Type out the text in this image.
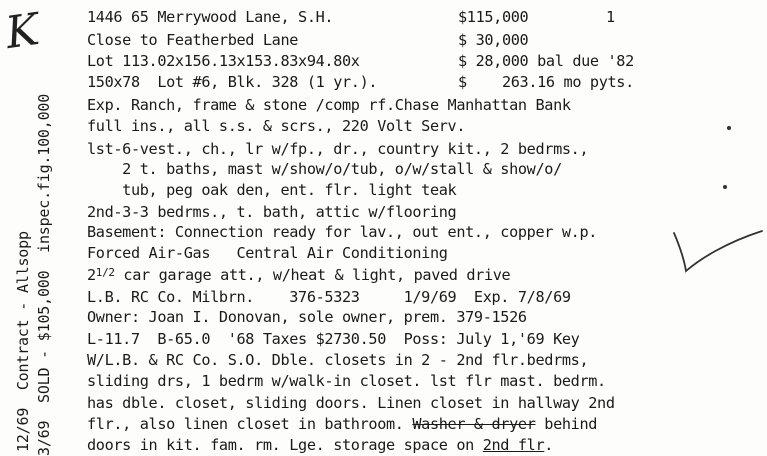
K
12/69  Contract - Allsopp 3/69  SOLD - $105,000  inspec.fig.100,000
1446 65 Merrywood Lane, S.H.	$115,000	1
Close to Featherbed Lane	$ 30,000
Lot 113.02x156.13x153.83x94.80x	$ 28,000 bal due '82
150x78  Lot #6, Blk. 328 (1 yr.).	$    263.16 mo pyts.
Exp. Ranch, frame & stone /comp rf.Chase Manhattan Bank
full ins., all s.s. & scrs., 220 Volt Serv.
lst-6-vest., ch., lr w/fp., dr., country kit., 2 bedrms.,
2 t. baths, mast w/show/o/tub, o/w/stall & show/o/
tub, peg oak den, ent. flr. light teak
2nd-3-3 bedrms., t. bath, attic w/flooring
Basement: Connection ready for lav., out ent., copper w.p.
Forced Air-Gas   Central Air Conditioning
$2^{1/2}$ car garage att., w/heat & light, paved drive
L.B. RC Co. Milbrn.    376-5323     1/9/69  Exp. 7/8/69
Owner: Joan I. Donovan, sole owner, prem. 379-1526
L-11.7  B-65.0  '68 Taxes $2730.50  Poss: July 1,'69 Key
W/L.B. & RC Co. S.O. Dble. closets in 2 - 2nd flr.bedrms,
sliding drs, 1 bedrm w/walk-in closet. lst flr mast. bedrm.
has dble. closet, sliding doors. Linen closet in hallway 2nd
flr., also linen closet in bathroom. Washer & dryer behind
doors in kit. fam. rm. Lge. storage space on 2nd flr.
